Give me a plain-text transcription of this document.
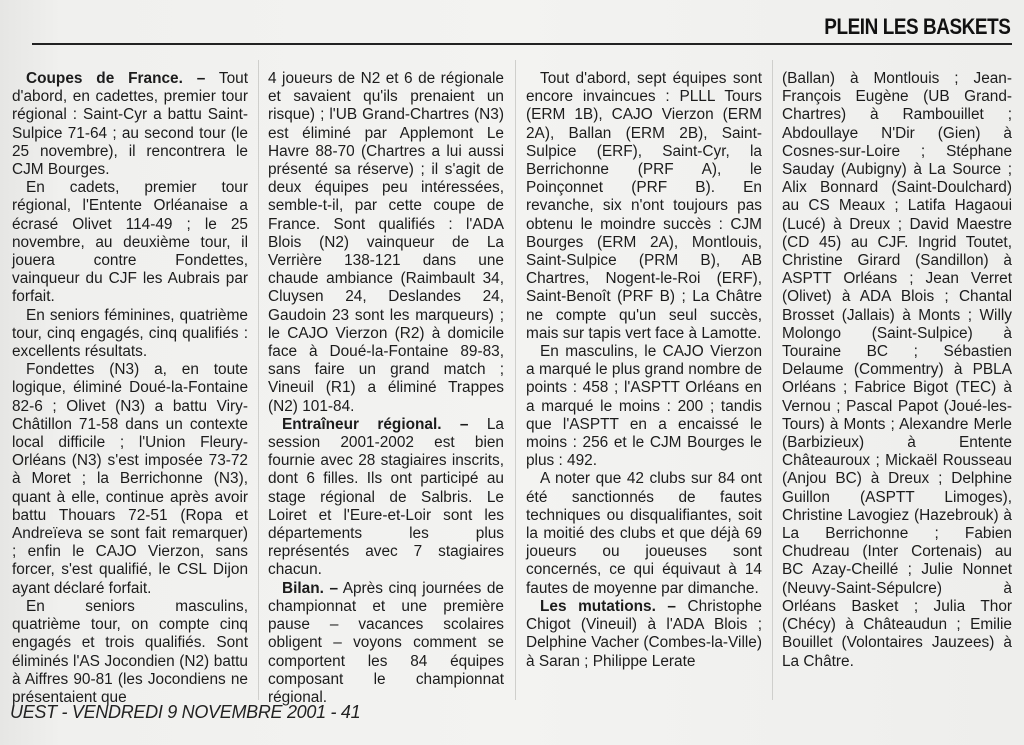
PLEIN LES BASKETS

Coupes de France. – Tout d'abord, en cadettes, premier tour régional : Saint-Cyr a battu Saint-Sulpice 71-64 ; au second tour (le 25 novembre), il rencontrera le CJM Bourges.

En cadets, premier tour régional, l'Entente Orléanaise a écrasé Olivet 114-49 ; le 25 novembre, au deuxième tour, il jouera contre Fondettes, vainqueur du CJF les Aubrais par forfait.

En seniors féminines, quatrième tour, cinq engagés, cinq qualifiés : excellents résultats.

Fondettes (N3) a, en toute logique, éliminé Doué-la-Fontaine 82-6 ; Olivet (N3) a battu Viry-Châtillon 71-58 dans un contexte local difficile ; l'Union Fleury-Orléans (N3) s'est imposée 73-72 à Moret ; la Berrichonne (N3), quant à elle, continue après avoir battu Thouars 72-51 (Ropa et Andreïeva se sont fait remarquer) ; enfin le CAJO Vierzon, sans forcer, s'est qualifié, le CSL Dijon ayant déclaré forfait.

En seniors masculins, quatrième tour, on compte cinq engagés et trois qualifiés. Sont éliminés l'AS Jocondien (N2) battu à Aiffres 90-81 (les Jocondiens ne présentaient que

4 joueurs de N2 et 6 de régionale et savaient qu'ils prenaient un risque) ; l'UB Grand-Chartres (N3) est éliminé par Applemont Le Havre 88-70 (Chartres a lui aussi présenté sa réserve) ; il s'agit de deux équipes peu intéressées, semble-t-il, par cette coupe de France. Sont qualifiés : l'ADA Blois (N2) vainqueur de La Verrière 138-121 dans une chaude ambiance (Raimbault 34, Cluysen 24, Deslandes 24, Gaudoin 23 sont les marqueurs) ; le CAJO Vierzon (R2) à domicile face à Doué-la-Fontaine 89-83, sans faire un grand match ; Vineuil (R1) a éliminé Trappes (N2) 101-84.

Entraîneur régional. – La session 2001-2002 est bien fournie avec 28 stagiaires inscrits, dont 6 filles. Ils ont participé au stage régional de Salbris. Le Loiret et l'Eure-et-Loir sont les départements les plus représentés avec 7 stagiaires chacun.

Bilan. – Après cinq journées de championnat et une première pause – vacances scolaires obligent – voyons comment se comportent les 84 équipes composant le championnat régional.

Tout d'abord, sept équipes sont encore invaincues : PLLL Tours (ERM 1B), CAJO Vierzon (ERM 2A), Ballan (ERM 2B), Saint-Sulpice (ERF), Saint-Cyr, la Berrichonne (PRF A), le Poinçonnet (PRF B). En revanche, six n'ont toujours pas obtenu le moindre succès : CJM Bourges (ERM 2A), Montlouis, Saint-Sulpice (PRM B), AB Chartres, Nogent-le-Roi (ERF), Saint-Benoît (PRF B) ; La Châtre ne compte qu'un seul succès, mais sur tapis vert face à Lamotte.

En masculins, le CAJO Vierzon a marqué le plus grand nombre de points : 458 ; l'ASPTT Orléans en a marqué le moins : 200 ; tandis que l'ASPTT en a encaissé le moins : 256 et le CJM Bourges le plus : 492.

A noter que 42 clubs sur 84 ont été sanctionnés de fautes techniques ou disqualifiantes, soit la moitié des clubs et que déjà 69 joueurs ou joueuses sont concernés, ce qui équivaut à 14 fautes de moyenne par dimanche.

Les mutations. – Christophe Chigot (Vineuil) à l'ADA Blois ; Delphine Vacher (Combes-la-Ville) à Saran ; Philippe Lerate

(Ballan) à Montlouis ; Jean-François Eugène (UB Grand-Chartres) à Rambouillet ; Abdoullaye N'Dir (Gien) à Cosnes-sur-Loire ; Stéphane Sauday (Aubigny) à La Source ; Alix Bonnard (Saint-Doulchard) au CS Meaux ; Latifa Hagaoui (Lucé) à Dreux ; David Maestre (CD 45) au CJF. Ingrid Toutet, Christine Girard (Sandillon) à ASPTT Orléans ; Jean Verret (Olivet) à ADA Blois ; Chantal Brosset (Jallais) à Monts ; Willy Molongo (Saint-Sulpice) à Touraine BC ; Sébastien Delaume (Commentry) à PBLA Orléans ; Fabrice Bigot (TEC) à Vernou ; Pascal Papot (Joué-les-Tours) à Monts ; Alexandre Merle (Barbizieux) à Entente Châteauroux ; Mickaël Rousseau (Anjou BC) à Dreux ; Delphine Guillon (ASPTT Limoges), Christine Lavogiez (Hazebrouk) à La Berrichonne ; Fabien Chudreau (Inter Cortenais) au BC Azay-Cheillé ; Julie Nonnet (Neuvy-Saint-Sépulcre) à Orléans Basket ; Julia Thor (Chécy) à Châteaudun ; Emilie Bouillet (Volontaires Jauzees) à La Châtre.

UEST - VENDREDI 9 NOVEMBRE 2001 - 41
